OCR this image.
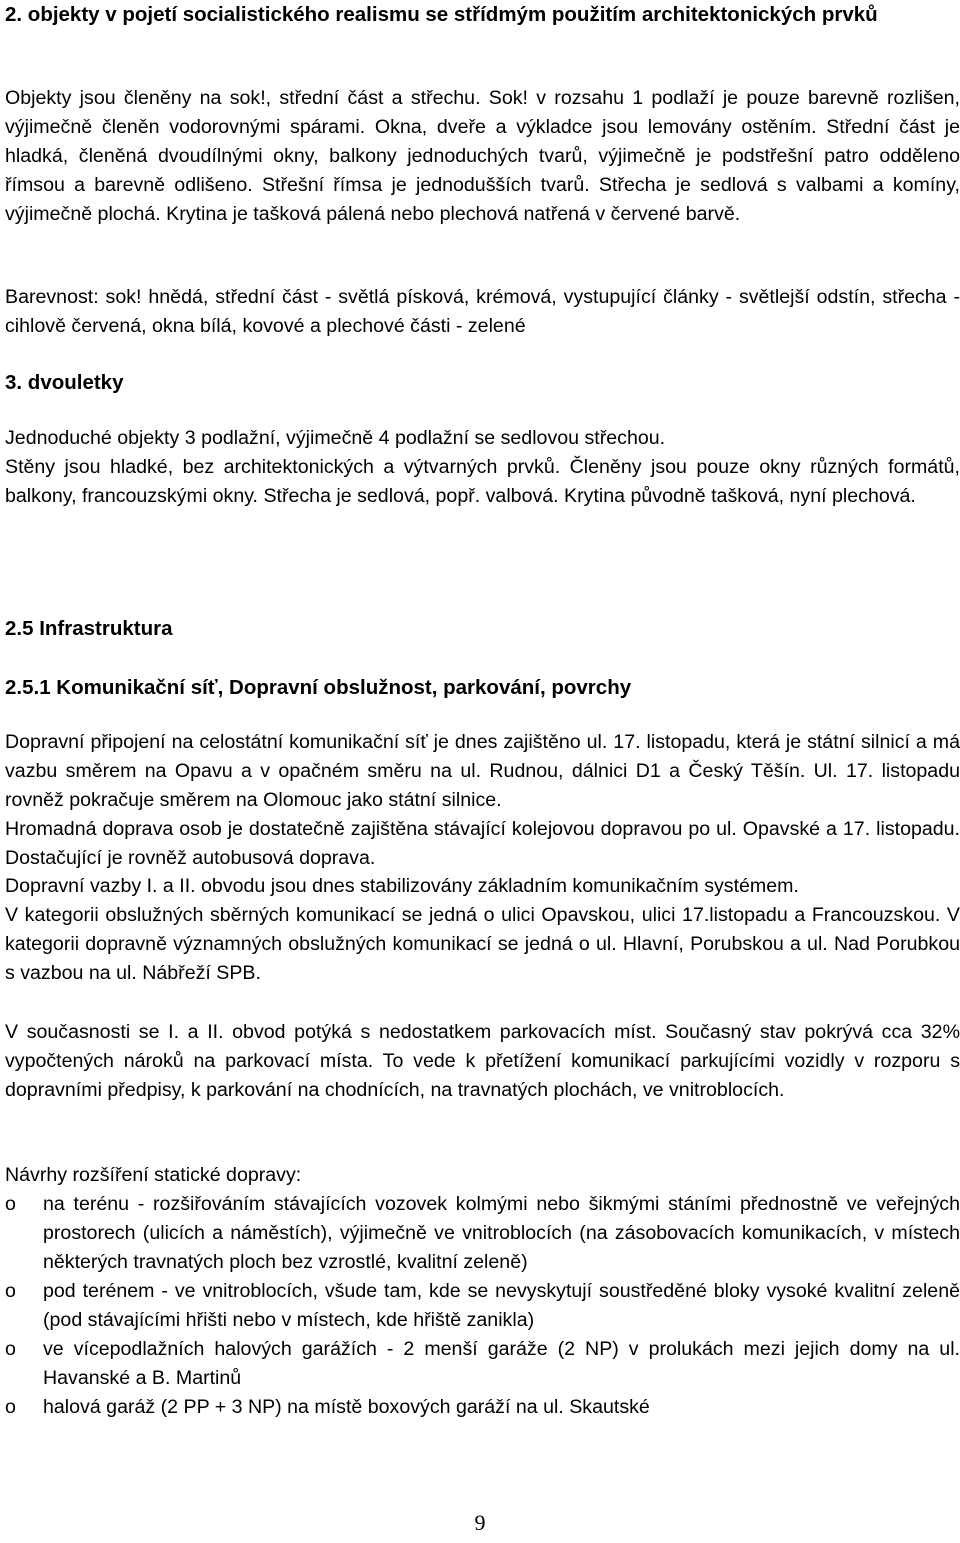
2. objekty v pojetí socialistického realismu se střídmým použitím architektonických prvků

Objekty jsou členěny na sok!, střední část a střechu. Sok! v rozsahu 1 podlaží je pouze barevně rozlišen, výjimečně členěn vodorovnými spárami. Okna, dveře a výkladce jsou lemovány ostěním. Střední část je hladká, členěná dvoudílnými okny, balkony jednoduchých tvarů, výjimečně je podstřešní patro odděleno římsou a barevně odlišeno. Střešní římsa je jednodušších tvarů. Střecha je sedlová s valbami a komíny, výjimečně plochá. Krytina je tašková pálená nebo plechová natřená v červené barvě.

Barevnost: sok! hnědá, střední část - světlá písková, krémová, vystupující články - světlejší odstín, střecha - cihlově červená, okna bílá, kovové a plechové části - zelené

3. dvouletky

Jednoduché objekty 3 podlažní, výjimečně 4 podlažní se sedlovou střechou.

Stěny jsou hladké, bez architektonických a výtvarných prvků. Členěny jsou pouze okny různých formátů, balkony, francouzskými okny. Střecha je sedlová, popř. valbová. Krytina původně tašková, nyní plechová.

2.5 Infrastruktura
2.5.1 Komunikační síť, Dopravní obslužnost, parkování, povrchy

Dopravní připojení na celostátní komunikační síť je dnes zajištěno ul. 17. listopadu, která je státní silnicí a má vazbu směrem na Opavu a v opačném směru na ul. Rudnou, dálnici D1 a Český Těšín. Ul. 17. listopadu rovněž pokračuje směrem na Olomouc jako státní silnice.

Hromadná doprava osob je dostatečně zajištěna stávající kolejovou dopravou po ul. Opavské a 17. listopadu. Dostačující je rovněž autobusová doprava.

Dopravní vazby I. a II. obvodu jsou dnes stabilizovány základním komunikačním systémem.

V kategorii obslužných sběrných komunikací se jedná o ulici Opavskou, ulici 17.listopadu a Francouzskou. V kategorii dopravně významných obslužných komunikací se jedná o ul. Hlavní, Porubskou a ul. Nad Porubkou s vazbou na ul. Nábřeží SPB.

V současnosti se I. a II. obvod potýká s nedostatkem parkovacích míst. Současný stav pokrývá cca 32% vypočtených nároků na parkovací místa. To vede k přetížení komunikací parkujícími vozidly v rozporu s dopravními předpisy, k parkování na chodnících, na travnatých plochách, ve vnitroblocích.

Návrhy rozšíření statické dopravy:

o na terénu - rozšiřováním stávajících vozovek kolmými nebo šikmými stáními přednostně ve veřejných prostorech (ulicích a náměstích), výjimečně ve vnitroblocích (na zásobovacích komunikacích, v místech některých travnatých ploch bez vzrostlé, kvalitní zeleně)
o pod terénem - ve vnitroblocích, všude tam, kde se nevyskytují soustředěné bloky vysoké kvalitní zeleně (pod stávajícími hřišti nebo v místech, kde hřiště zanikla)
o ve vícepodlažních halových garážích - 2 menší garáže (2 NP) v prolukách mezi jejich domy na ul. Havanské a B. Martinů
o halová garáž (2 PP + 3 NP) na místě boxových garáží na ul. Skautské
9
